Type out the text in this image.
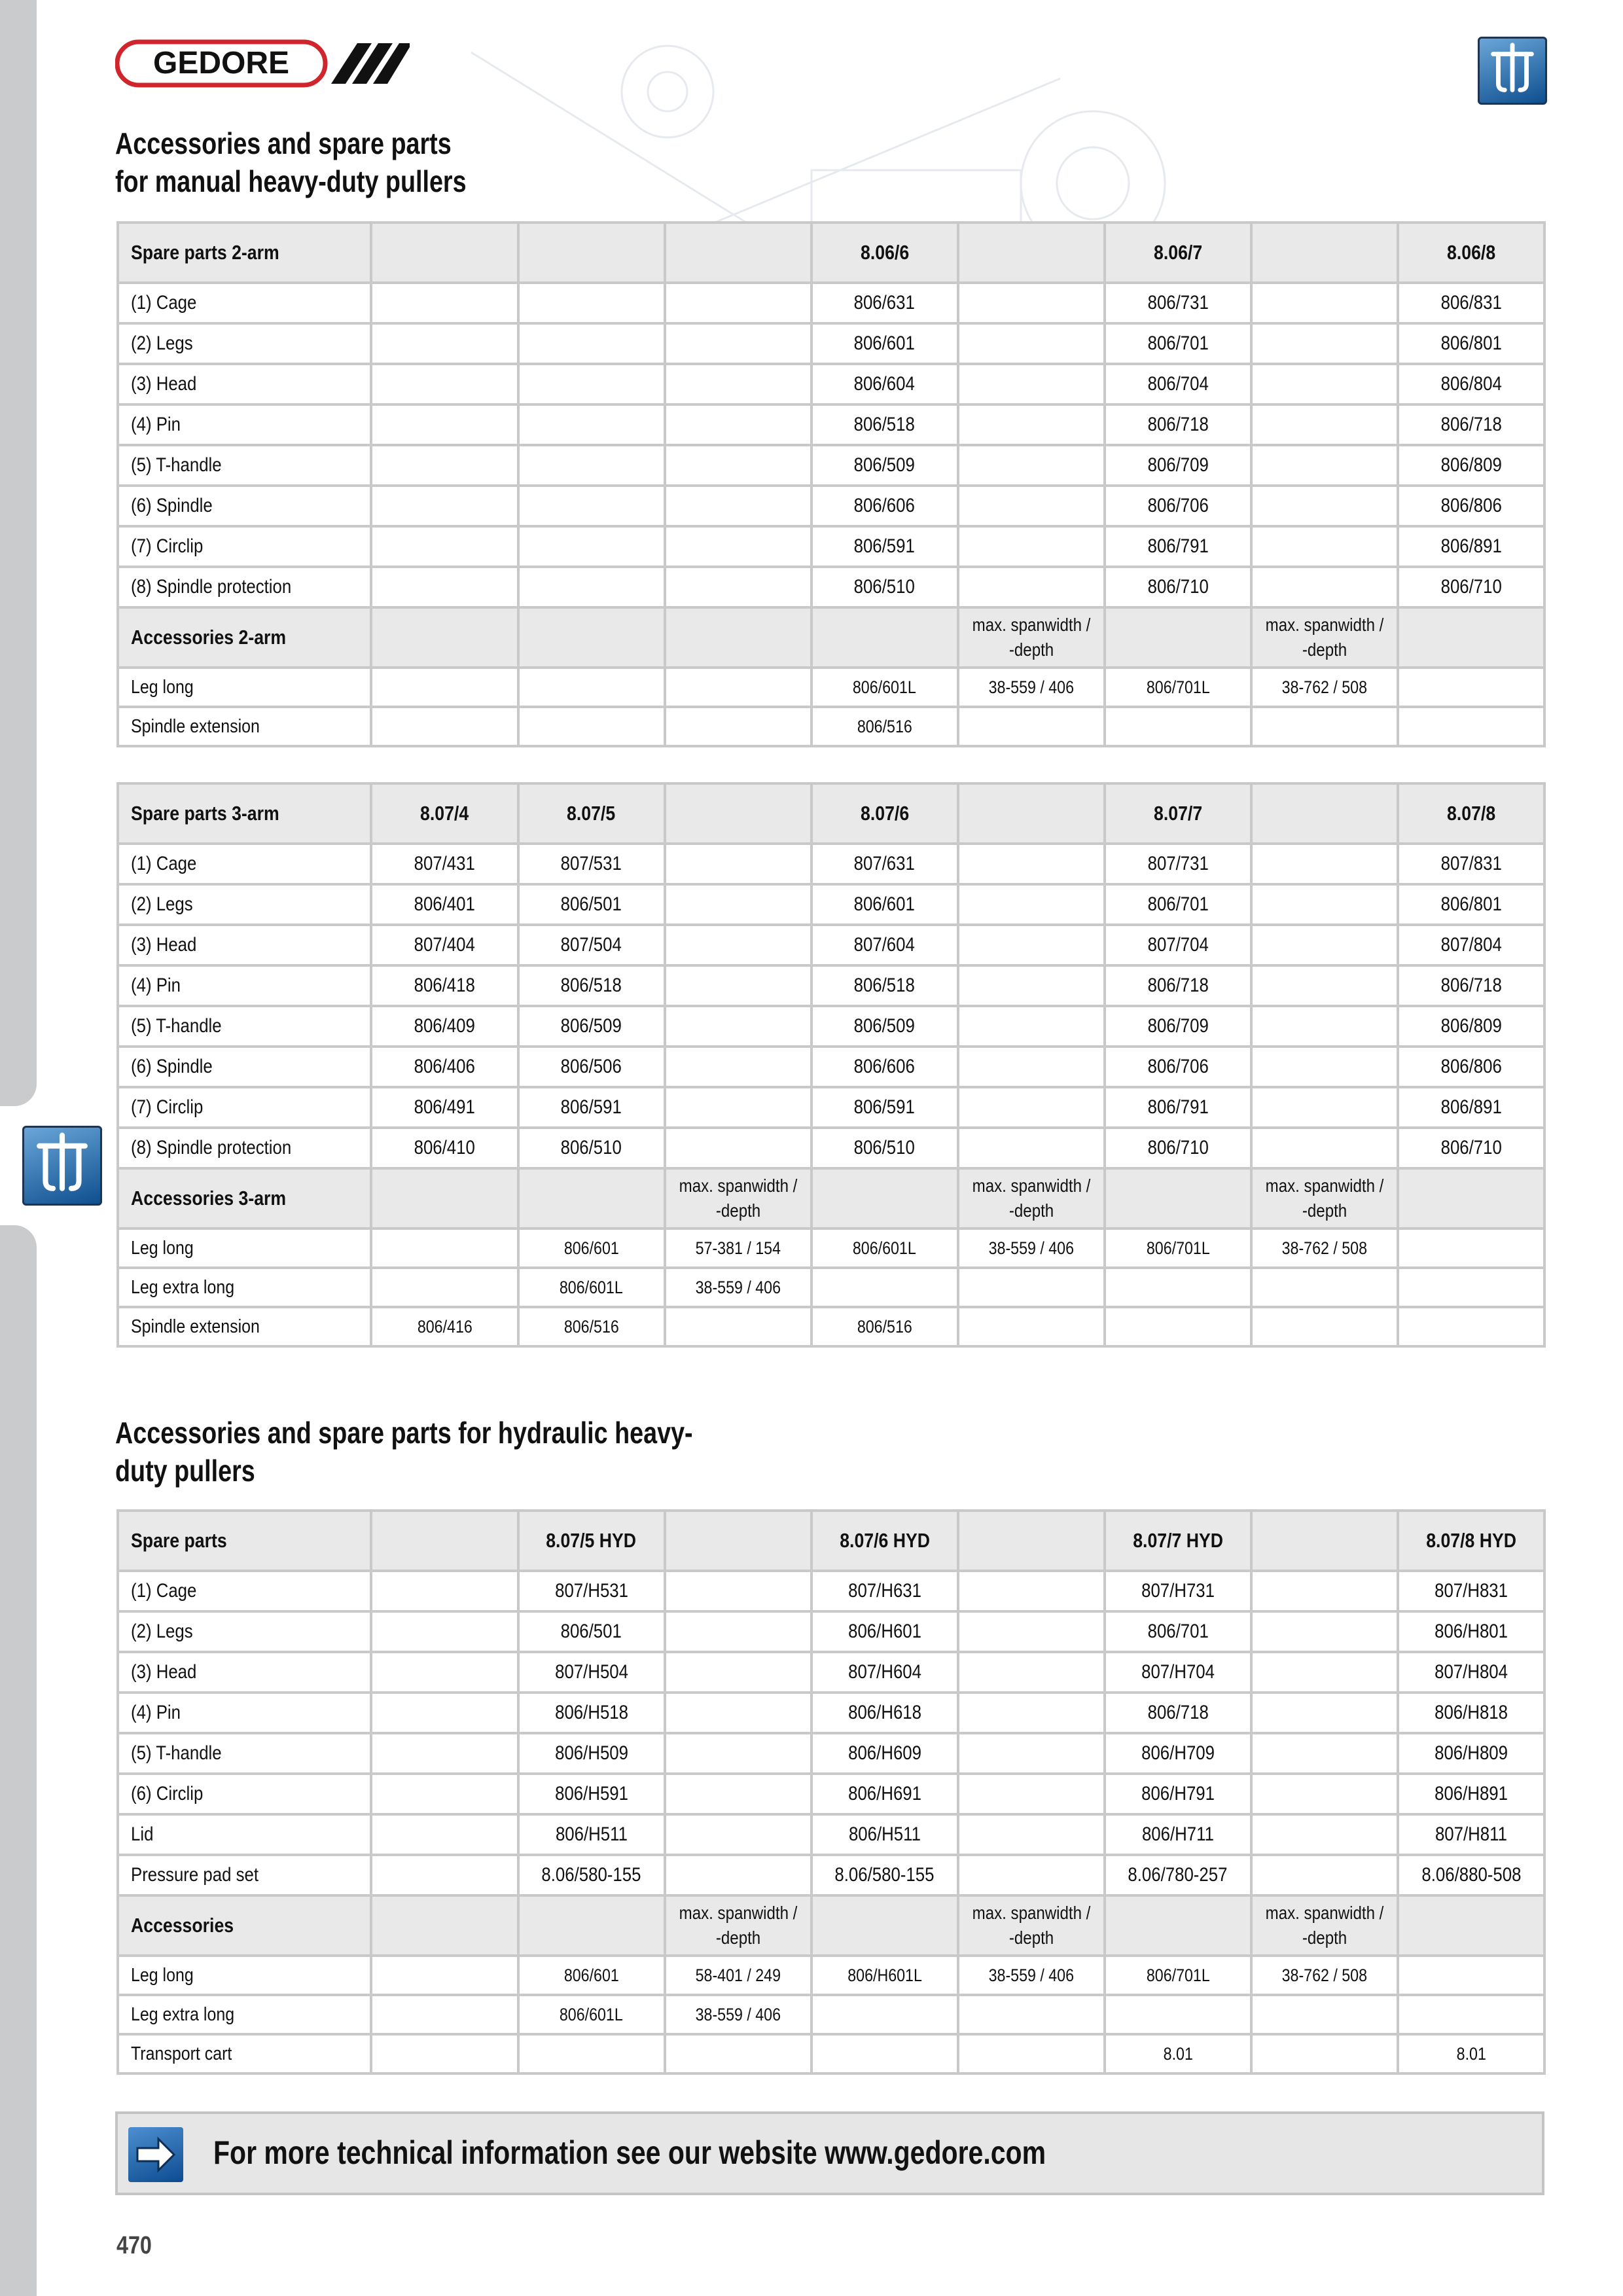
GEDORE
Accessories and spare parts
for manual heavy-duty pullers
Spare parts 2-arm				8.06/6		8.06/7		8.06/8
(1) Cage				806/631		806/731		806/831
(2) Legs				806/601		806/701		806/801
(3) Head				806/604		806/704		806/804
(4) Pin				806/518		806/718		806/718
(5) T-handle				806/509		806/709		806/809
(6) Spindle				806/606		806/706		806/806
(7) Circlip				806/591		806/791		806/891
(8) Spindle protection				806/510		806/710		806/710
Accessories 2-arm					max. spanwidth / -depth		max. spanwidth / -depth	
Leg long				806/601L	38-559 / 406	806/701L	38-762 / 508	
Spindle extension				806/516				
Spare parts 3-arm	8.07/4	8.07/5		8.07/6		8.07/7		8.07/8
(1) Cage	807/431	807/531		807/631		807/731		807/831
(2) Legs	806/401	806/501		806/601		806/701		806/801
(3) Head	807/404	807/504		807/604		807/704		807/804
(4) Pin	806/418	806/518		806/518		806/718		806/718
(5) T-handle	806/409	806/509		806/509		806/709		806/809
(6) Spindle	806/406	806/506		806/606		806/706		806/806
(7) Circlip	806/491	806/591		806/591		806/791		806/891
(8) Spindle protection	806/410	806/510		806/510		806/710		806/710
Accessories 3-arm			max. spanwidth / -depth		max. spanwidth / -depth		max. spanwidth / -depth	
Leg long		806/601	57-381 / 154	806/601L	38-559 / 406	806/701L	38-762 / 508	
Leg extra long		806/601L	38-559 / 406					
Spindle extension	806/416	806/516		806/516				
Accessories and spare parts for hydraulic heavy-
duty pullers
Spare parts		8.07/5 HYD		8.07/6 HYD		8.07/7 HYD		8.07/8 HYD
(1) Cage		807/H531		807/H631		807/H731		807/H831
(2) Legs		806/501		806/H601		806/701		806/H801
(3) Head		807/H504		807/H604		807/H704		807/H804
(4) Pin		806/H518		806/H618		806/718		806/H818
(5) T-handle		806/H509		806/H609		806/H709		806/H809
(6) Circlip		806/H591		806/H691		806/H791		806/H891
Lid		806/H511		806/H511		806/H711		807/H811
Pressure pad set		8.06/580-155		8.06/580-155		8.06/780-257		8.06/880-508
Accessories			max. spanwidth / -depth		max. spanwidth / -depth		max. spanwidth / -depth	
Leg long		806/601	58-401 / 249	806/H601L	38-559 / 406	806/701L	38-762 / 508	
Leg extra long		806/601L	38-559 / 406					
Transport cart						8.01		8.01
For more technical information see our website www.gedore.com
470
